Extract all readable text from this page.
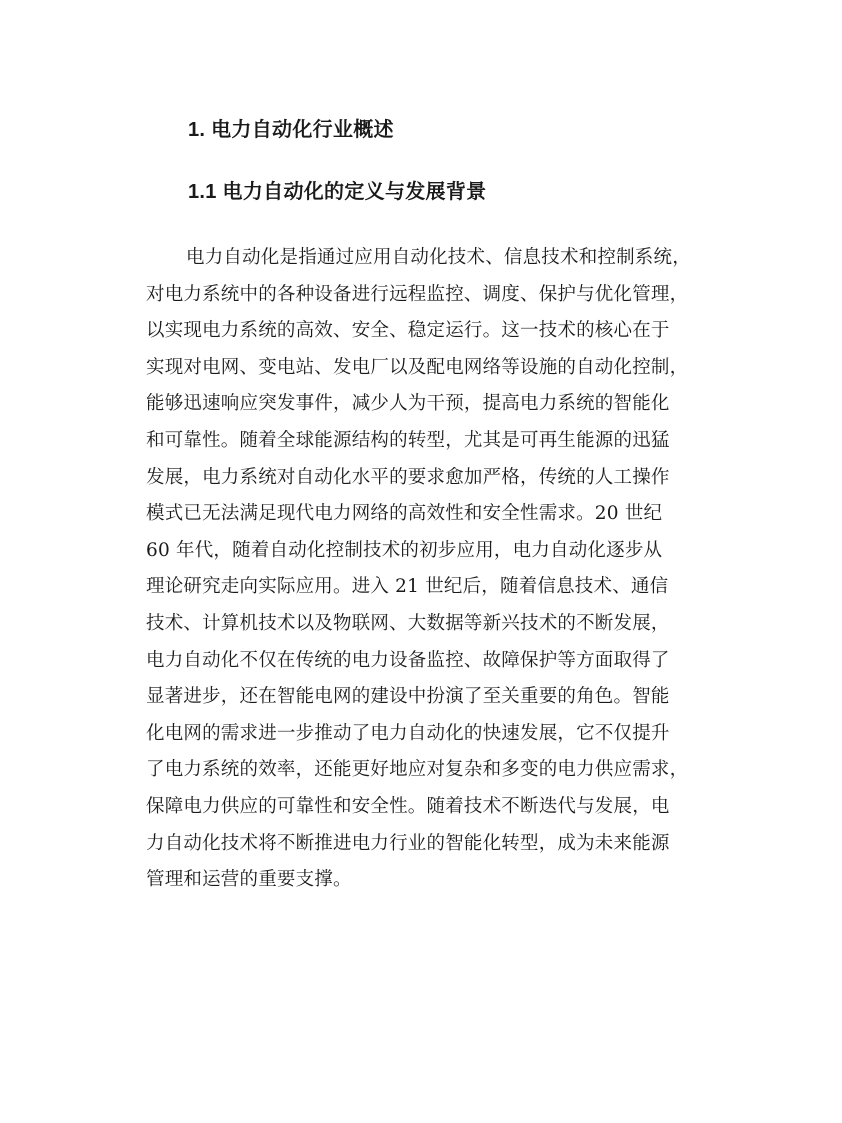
1. 电力自动化行业概述
1.1 电力自动化的定义与发展背景
电力自动化是指通过应用自动化技术、信息技术和控制系统，
对电力系统中的各种设备进行远程监控、调度、保护与优化管理，
以实现电力系统的高效、安全、稳定运行。这一技术的核心在于
实现对电网、变电站、发电厂以及配电网络等设施的自动化控制，
能够迅速响应突发事件，减少人为干预，提高电力系统的智能化
和可靠性。随着全球能源结构的转型，尤其是可再生能源的迅猛
发展，电力系统对自动化水平的要求愈加严格，传统的人工操作
模式已无法满足现代电力网络的高效性和安全性需求。20 世纪
60 年代，随着自动化控制技术的初步应用，电力自动化逐步从
理论研究走向实际应用。进入 21 世纪后，随着信息技术、通信
技术、计算机技术以及物联网、大数据等新兴技术的不断发展，
电力自动化不仅在传统的电力设备监控、故障保护等方面取得了
显著进步，还在智能电网的建设中扮演了至关重要的角色。智能
化电网的需求进一步推动了电力自动化的快速发展，它不仅提升
了电力系统的效率，还能更好地应对复杂和多变的电力供应需求，
保障电力供应的可靠性和安全性。随着技术不断迭代与发展，电
力自动化技术将不断推进电力行业的智能化转型，成为未来能源
管理和运营的重要支撑。
